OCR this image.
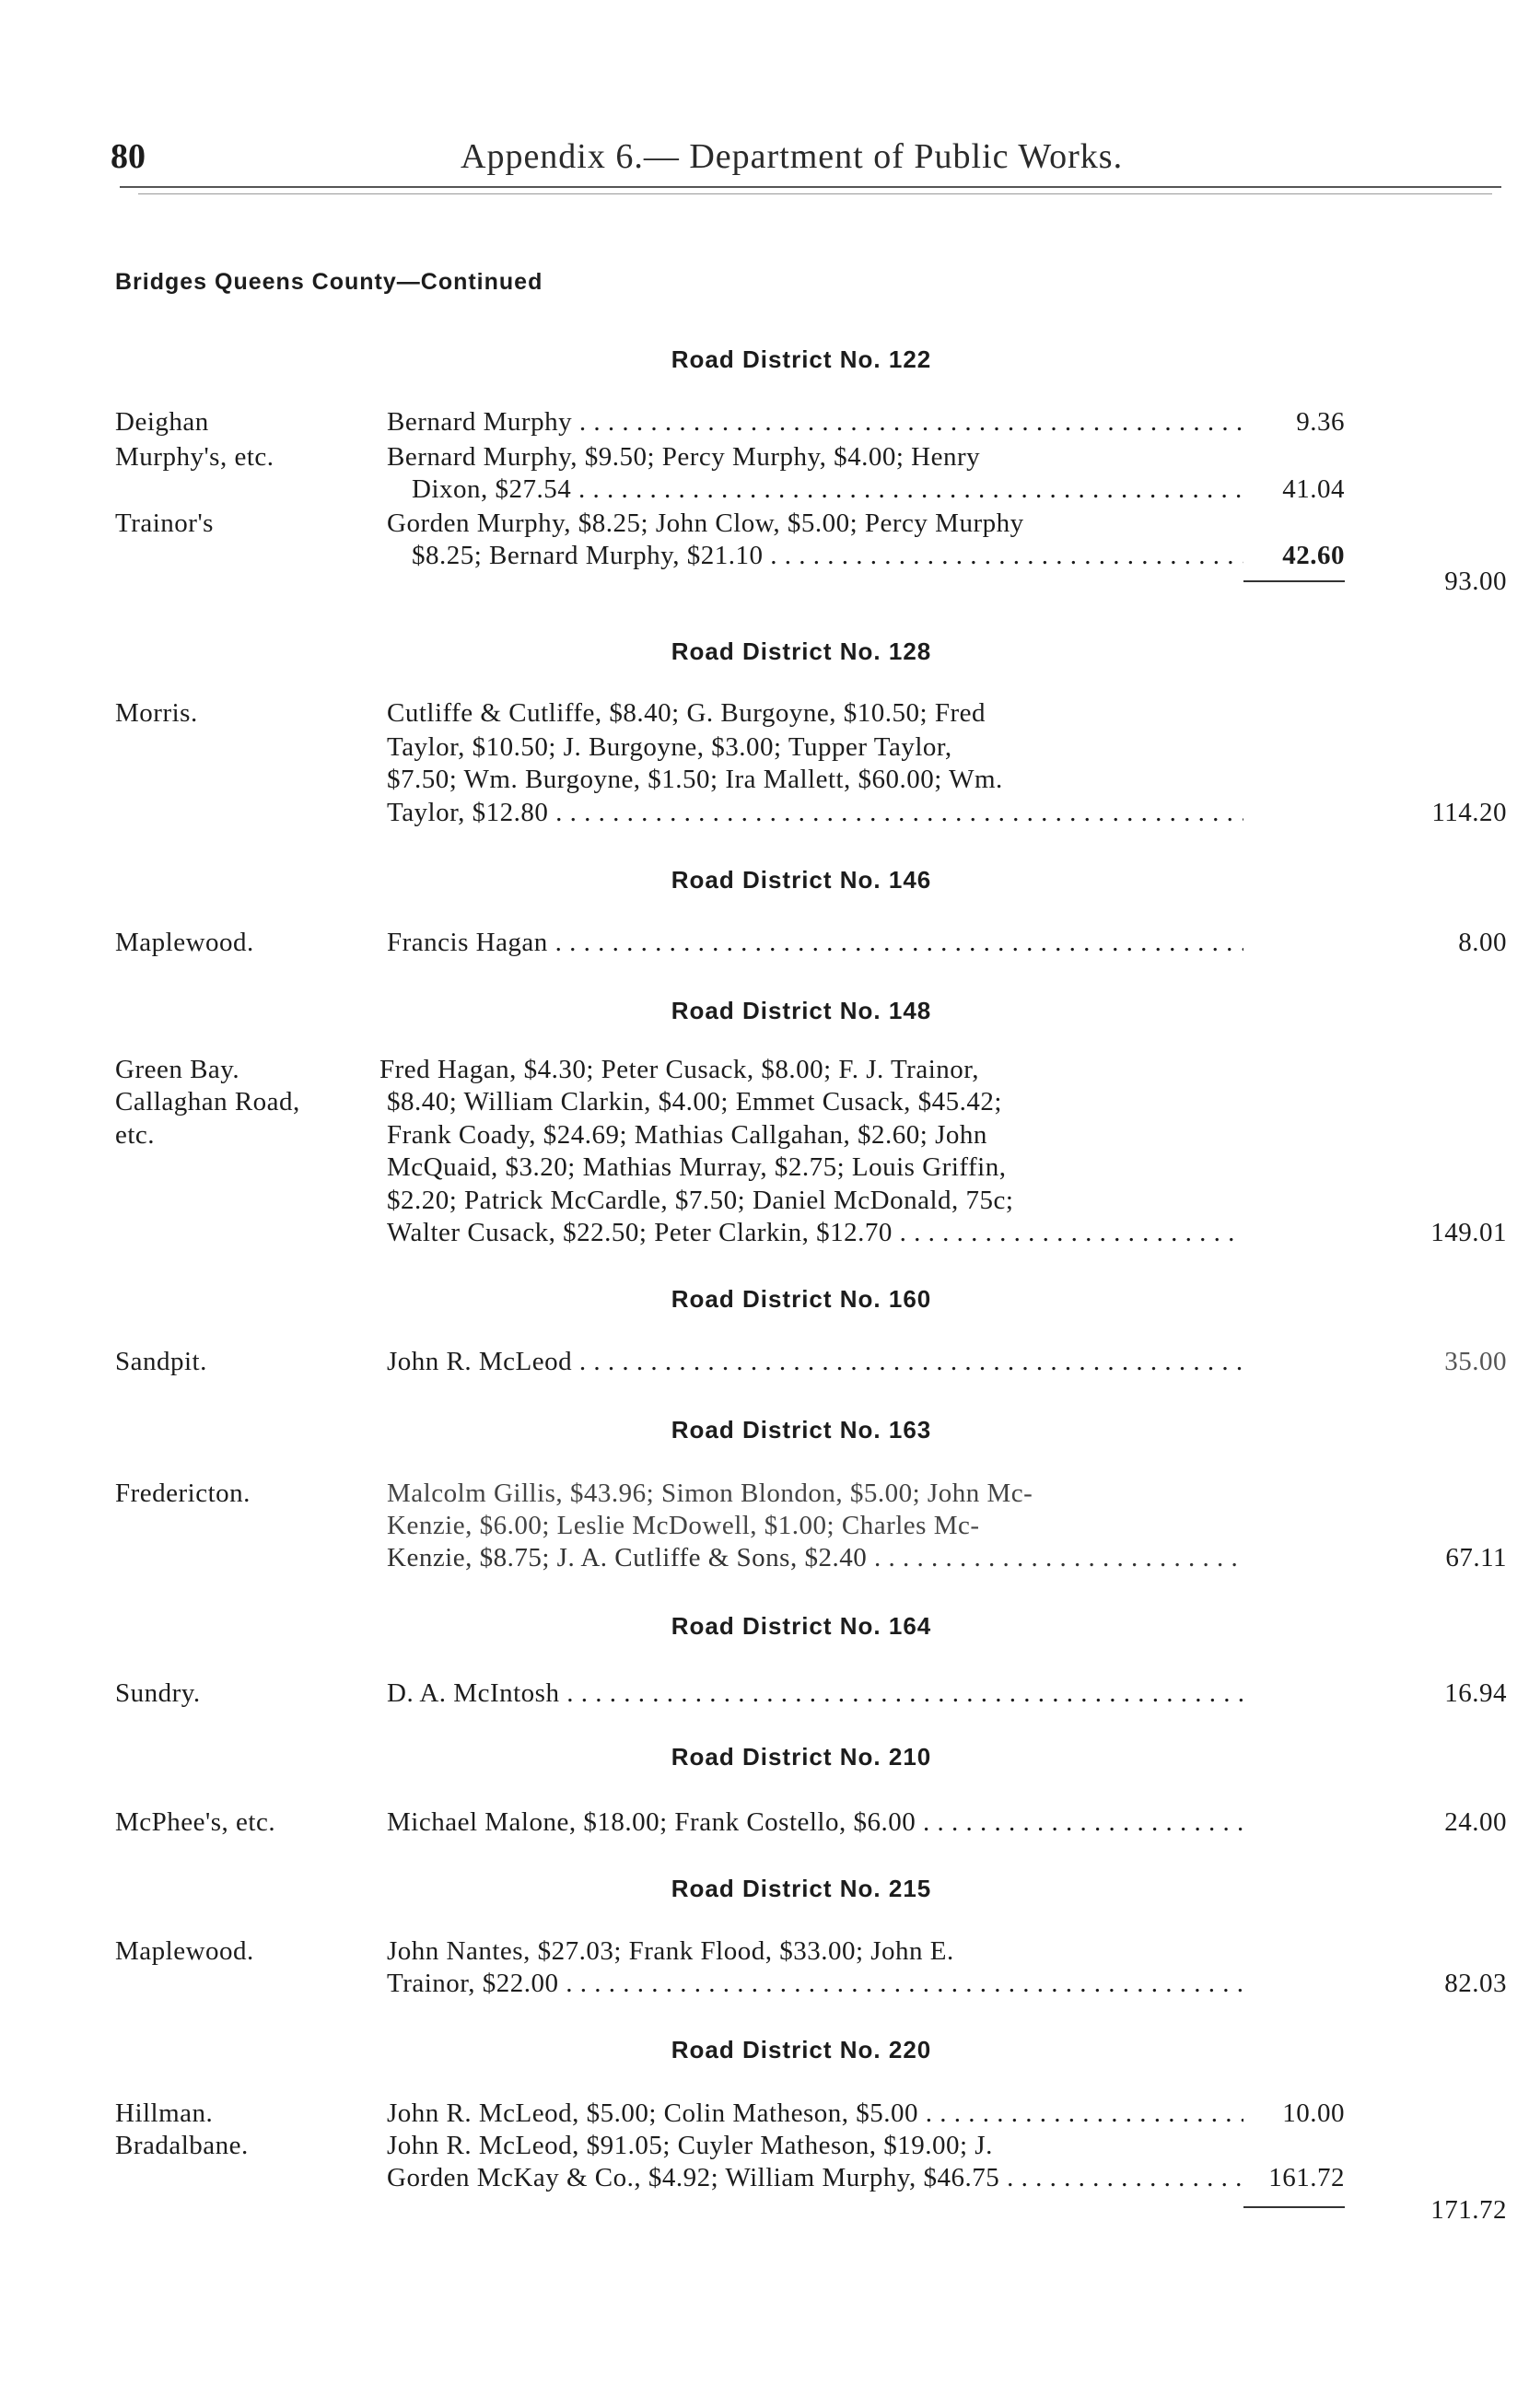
80	Appendix 6.— Department of Public Works.
Bridges Queens County—Continued
Road District No. 122
Deighan	Bernard Murphy . . .	9.36
Murphy's, etc.	Bernard Murphy, $9.50; Percy Murphy, $4.00; Henry
Dixon, $27.54 . . .	41.04
Trainor's	Gorden Murphy, $8.25; John Clow, $5.00; Percy Murphy
$8.25; Bernard Murphy, $21.10 . . .	42.60
93.00
Road District No. 128
Morris.	Cutliffe & Cutliffe, $8.40; G. Burgoyne, $10.50; Fred
Taylor, $10.50; J. Burgoyne, $3.00; Tupper Taylor,
$7.50; Wm. Burgoyne, $1.50; Ira Mallett, $60.00; Wm.
Taylor, $12.80 . . .	114.20
Road District No. 146
Maplewood.	Francis Hagan . . .	8.00
Road District No. 148
Green Bay.	Fred Hagan, $4.30; Peter Cusack, $8.00; F. J. Trainor,
Callaghan Road,	$8.40; William Clarkin, $4.00; Emmet Cusack, $45.42;
etc.	Frank Coady, $24.69; Mathias Callgahan, $2.60; John
McQuaid, $3.20; Mathias Murray, $2.75; Louis Griffin,
$2.20; Patrick McCardle, $7.50; Daniel McDonald, 75c;
Walter Cusack, $22.50; Peter Clarkin, $12.70 . . .	149.01
Road District No. 160
Sandpit.	John R. McLeod . . .	35.00
Road District No. 163
Fredericton.	Malcolm Gillis, $43.96; Simon Blondon, $5.00; John Mc-
Kenzie, $6.00; Leslie McDowell, $1.00; Charles Mc-
Kenzie, $8.75; J. A. Cutliffe & Sons, $2.40 . . .	67.11
Road District No. 164
Sundry.	D. A. McIntosh . . .	16.94
Road District No. 210
McPhee's, etc.	Michael Malone, $18.00; Frank Costello, $6.00 . . .	24.00
Road District No. 215
Maplewood.	John Nantes, $27.03; Frank Flood, $33.00; John E.
Trainor, $22.00 . . .	82.03
Road District No. 220
Hillman.	John R. McLeod, $5.00; Colin Matheson, $5.00 . . .	10.00
Bradalbane.	John R. McLeod, $91.05; Cuyler Matheson, $19.00; J.
Gorden McKay & Co., $4.92; William Murphy, $46.75 . . .	161.72
171.72
